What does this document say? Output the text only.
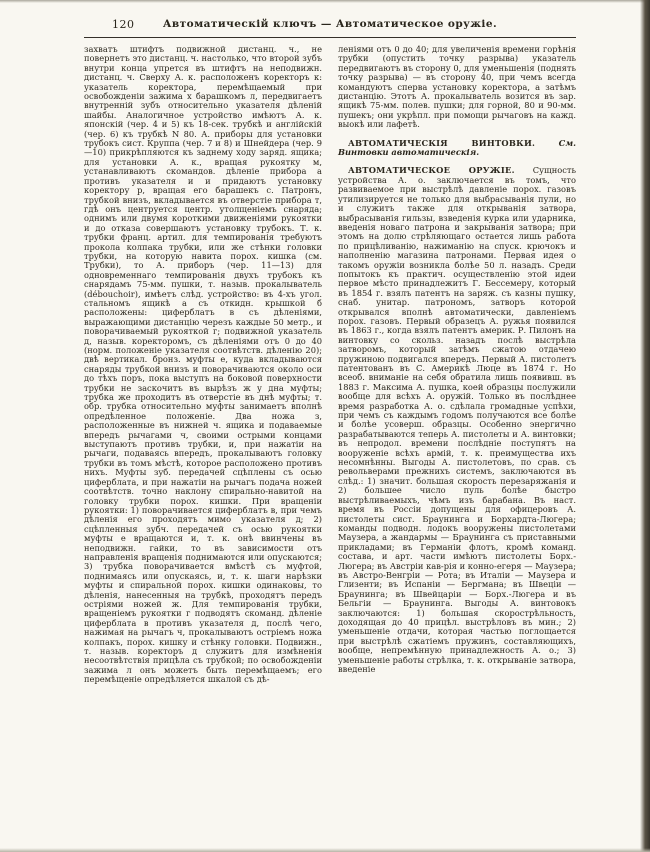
120	Автоматическій ключъ — Автоматическое оружіе.

захватъ штифтъ подвижной дистанц. ч., не повернетъ это дистанц. ч. настолько, что второй зубъ внутри конца упрется въ штифтъ на неподвижн. дистанц. ч. Сверху А. к. расположенъ коректоръ к: указатель коректора, перемѣщаемый при освобожденіи зажима х барашкомъ л, передвигаетъ внутренній зубъ относительно указателя дѣленій шайбы. Аналогичное устройство имѣютъ А. к. японскій (чер. 4 и 5) къ 18-сек. трубкѣ и англійскій (чер. 6) къ трубкѣ N 80. А. приборы для установки трубокъ сист. Круппа (чер. 7 и 8) и Шнейдера (чер. 9—10) прикрѣпляются къ заднему ходу заряд. ящика; для установки А. к., вращая рукоятку м, устанавливаютъ скомандов. дѣленіе прибора а противъ указателя и и придаютъ установку коректору р, вращая его барашекъ с. Патронъ, трубкой внизъ, вкладывается въ отверстіе прибора т, гдѣ онъ центруется центр. утолщеніемъ снаряда; однимъ или двумя короткими движеніями рукоятки и до отказа совершаютъ установку трубокъ. Т. к. трубки франц. артил. для темпированія требуютъ прокола колпака трубки, или же стѣнки головки трубки, на которую навита порох. кишка (см. Трубки), то А. приборъ (чер. 11—13) для одновременнаго темпированія двухъ трубокъ къ снарядамъ 75-мм. пушки, т. назыв. прокалыватель (débouchoir), имѣетъ слѣд. устройство: въ 4-хъ угол. стальномъ ящикѣ а съ откидн. крышкой б расположены: циферблатъ в съ дѣленіями, выражающими дистанцію черезъ каждые 50 метр., и поворачиваемый рукояткой г; подвижной указатель д, назыв. коректоромъ, съ дѣленіями отъ 0 до 40 (норм. положеніе указателя соотвѣтств. дѣленію 20); двѣ вертикал. бронз. муфты е, куда вкладываются снаряды трубкой внизъ и поворачиваются около оси до тѣхъ поръ, пока выступъ на боковой поверхности трубки не заскочитъ въ вырѣзъ ж у дна муфты; трубка же проходитъ въ отверстіе въ днѣ муфты; т. обр. трубка относительно муфты занимаетъ вполнѣ опредѣленное положеніе. Два ножа з, расположенные въ нижней ч. ящика и подаваемые впередъ рычагами ч, своими острыми концами выступаютъ противъ трубки, и, при нажатіи на рычаги, подаваясь впередъ, прокалываютъ головку трубки въ томъ мѣстѣ, которое расположено противъ нихъ. Муфты зуб. передачей сцѣплены съ осью циферблата, и при нажатіи на рычагъ подача ножей соотвѣтств. точно наклону спирально-навитой на головку трубки порох. кишки. При вращеніи рукоятки: 1) поворачивается циферблатъ в, при чемъ дѣленія его проходятъ мимо указателя д; 2) сцѣпленныя зубч. передачей съ осью рукоятки муфты е вращаются и, т. к. онѣ ввинчены въ неподвижн. гайки, то въ зависимости отъ направленія вращенія поднимаются или опускаются; 3) трубка поворачивается вмѣстѣ съ муфтой, поднимаясь или опускаясь, и, т. к. шаги нарѣзки муфты и спиральной порох. кишки одинаковы, то дѣленія, нанесенныя на трубкѣ, проходятъ передъ остріями ножей ж. Для темпированія трубки, вращеніемъ рукоятки г подводятъ скоманд. дѣленіе циферблата в противъ указателя д, послѣ чего, нажимая на рычагъ ч, прокалываютъ остріемъ ножа колпакъ, порох. кишку и стѣнку головки. Подвижн., т. назыв. коректоръ д служитъ для измѣненія несоотвѣтствія прицѣла съ трубкой; по освобожденіи зажима л онъ можетъ быть перемѣщаемъ; его перемѣщеніе опредѣляется шкалой съ дѣ-

леніями отъ 0 до 40; для увеличенія времени горѣнія трубки (опустить точку разрыва) указатель передвигаютъ въ сторону 0, для уменьшенія (поднять точку разрыва) — въ сторону 40, при чемъ всегда командуютъ сперва установку коректора, а затѣмъ дистанцію. Этотъ А. прокалыватель возится въ зар. ящикѣ 75-мм. полев. пушки; для горной, 80 и 90-мм. пушекъ; они укрѣпл. при помощи рычаговъ на кажд. выокѣ или лафетѣ.

АВТОМАТИЧЕСКІЯ ВИНТОВКИ. См. Винтовки автоматическія.

АВТОМАТИЧЕСКОЕ ОРУЖІЕ. Сущность устройства А. о. заключается въ томъ, что развиваемое при выстрѣлѣ давленіе порох. газовъ утилизируется не только для выбрасыванія пули, но и служитъ также для открыванія затвора, выбрасыванія гильзы, взведенія курка или ударника, введенія новаго патрона и закрыванія затвора; при этомъ на долю стрѣляющаго остается лишь работа по прицѣливанію, нажиманію на спуск. крючокъ и наполненію магазина патронами. Первая идея о такомъ оружіи возникла болѣе 50 л. назадъ. Среди попытокъ къ практич. осуществленію этой идеи первое мѣсто принадлежитъ Г. Бессемеру, который въ 1854 г. взялъ патентъ на заряж. съ казны пушку, снаб. унитар. патрономъ, затворъ которой открывался вполнѣ автоматически, давленіемъ порох. газовъ. Первый образецъ А. ружья появился въ 1863 г., когда взялъ патентъ америк. Р. Пилонъ на винтовку со скольз. назадъ послѣ выстрѣла затворомъ, который затѣмъ сжатою отдачею пружиною подвигался впередъ. Первый А. пистолетъ патентованъ въ С. Америкѣ Люце въ 1874 г. Но всеоб. вниманіе на себя обратила лишь появивш. въ 1883 г. Максима А. пушка, коей образцы послужили вообще для всѣхъ А. оружій. Только въ послѣднее время разработка А. о. сдѣлала громадные успѣхи, при чемъ съ каждымъ годомъ получаются все болѣе и болѣе усоверш. образцы. Особенно энергично разрабатываются теперь А. пистолеты и А. винтовки; въ непродол. времени послѣдніе поступятъ на вооруженіе всѣхъ армій, т. к. преимущества ихъ несомнѣнны. Выгоды А. пистолетовъ, по срав. съ револьверами прежнихъ системъ, заключаются въ слѣд.: 1) значит. большая скорость перезаряжанія и 2) большее число пуль болѣе быстро выстрѣливаемыхъ, чѣмъ изъ барабана. Въ наст. время въ Россіи допущены для офицеровъ А. пистолеты сист. Браунинга и Борхардта-Люгера; команды подводн. лодокъ вооружены пистолетами Маузера, а жандармы — Браунинга съ приставными прикладами; въ Германіи флотъ, кромѣ команд. состава, и арт. части имѣютъ пистолеты Борх.-Люгера; въ Австріи кав-рія и конно-егеря — Маузера; въ Австро-Венгріи — Рота; въ Италіи — Маузера и Глизенти; въ Испаніи — Бергмана; въ Швеціи — Браунинга; въ Швейцаріи — Борх.-Люгера и въ Бельгіи — Браунинга. Выгоды А. винтовокъ заключаются: 1) большая скорострѣльность, доходящая до 40 прицѣл. выстрѣловъ въ мин.; 2) уменьшеніе отдачи, которая частью поглощается при выстрѣлѣ сжатіемъ пружинъ, составляющихъ, вообще, непремѣнную принадлежность А. о.; 3) уменьшеніе работы стрѣлка, т. к. открываніе затвора, введеніе
